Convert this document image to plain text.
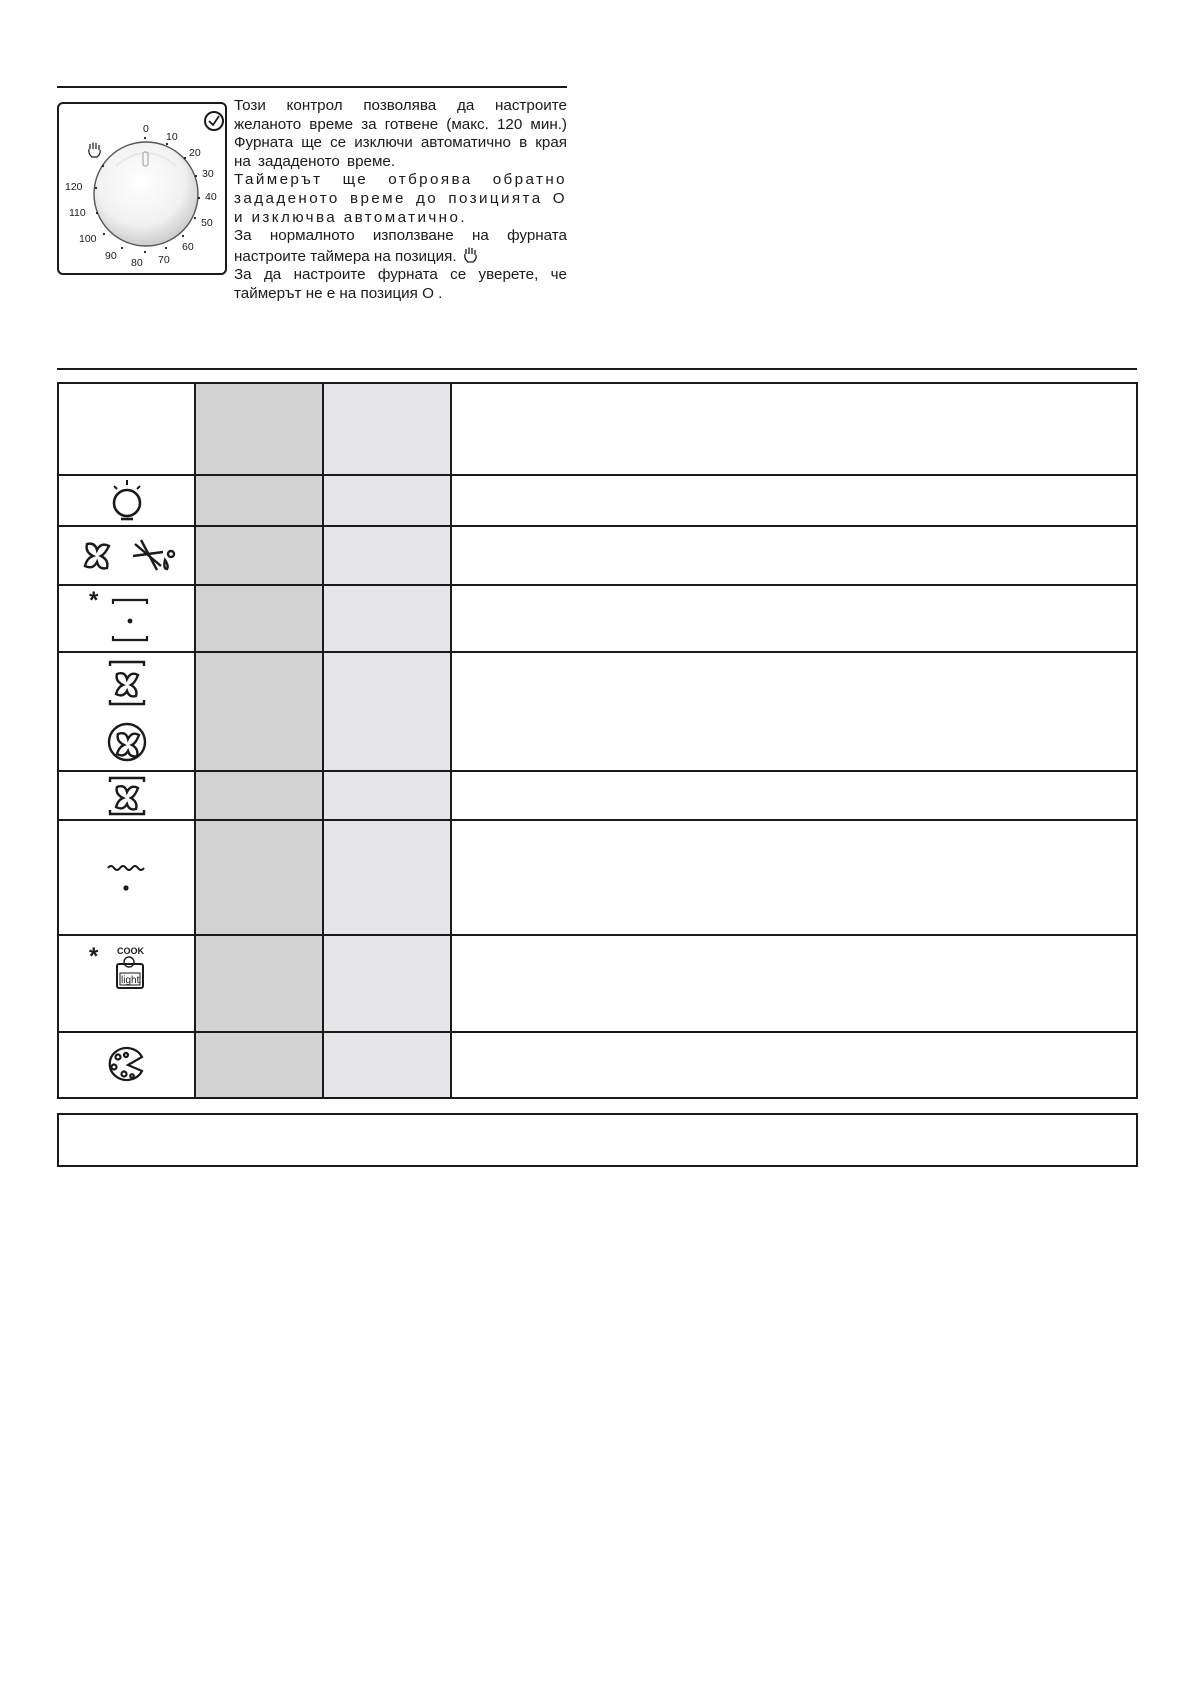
0
10
20
30
40
50
60
70
80
90
100
110
120

Този контрол позволява да настроите желаното време за готвене (макс. 120 мин.) Фурната ще се изключи автоматично в края на зададеното време.

Таймерът ще отброява обратно зададеното време до позицията О и изключва автоматично.

За нормалното използване на фурната настроите таймера на позиция.

За да настроите фурната се уверете, че таймерът не е на позиция О .

*			

* COOK
light			
